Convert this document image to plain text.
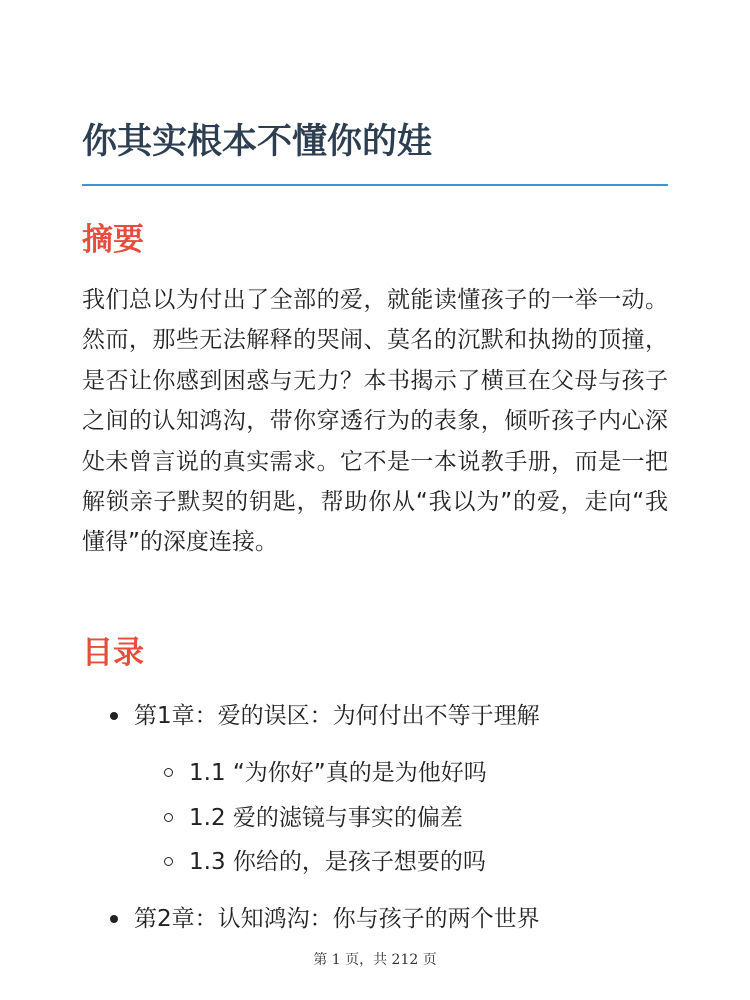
你其实根本不懂你的娃
摘要

我们总以为付出了全部的爱，就能读懂孩子的一举一动。然而，那些无法解释的哭闹、莫名的沉默和执拗的顶撞，是否让你感到困惑与无力？本书揭示了横亘在父母与孩子之间的认知鸿沟，带你穿透行为的表象，倾听孩子内心深处未曾言说的真实需求。它不是一本说教手册，而是一把解锁亲子默契的钥匙，帮助你从“我以为”的爱，走向“我懂得”的深度连接。

目录
第1章：爱的误区：为何付出不等于理解
1.1 “为你好”真的是为他好吗
1.2 爱的滤镜与事实的偏差
1.3 你给的，是孩子想要的吗
第2章：认知鸿沟：你与孩子的两个世界
第 1 页，共 212 页
